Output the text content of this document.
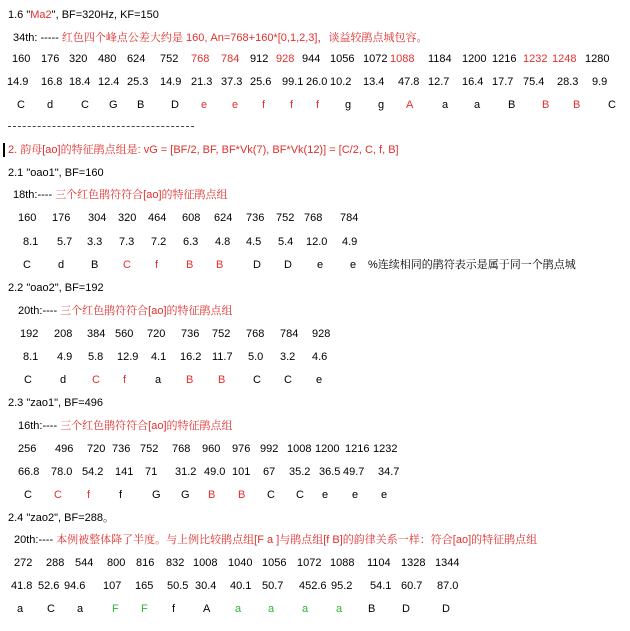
1.6 "Ma2", BF=320Hz, KF=150
34th: ----- 红色四个峰点公差大约是 160, An=768+160*[0,1,2,3]，谈益较鹃点城包容。
2. 韵母[ao]的特征鹃点组是: vG = [BF/2, BF, BF*Vk(7), BF*Vk(12)] = [C/2, C, f, B]
2.1 "oao1", BF=160
18th:---- 三个红色鹃符符合[ao]的特征鹃点组
%连续相同的鹃符表示是属于同一个鹃点城
2.2 "oao2", BF=192
20th:---- 三个红色鹃符符合[ao]的特征鹃点组
2.3 "zao1", BF=496
16th:---- 三个红色鹃符符合[ao]的特征鹃点组
2.4 "zao2", BF=288。
20th:---- 本例被整体降了半度。与上例比较鹃点组[F a ]与鹃点组[f B]的韵律关系一样：符合[ao]的特征鹃点组
160 176 320 480 624 752 768 784 912 928 944 1056 1072 1088 1184 1200 1216 1232 1248 1280
14.9 16.8 18.4 12.4 25.3 14.9 21.3 37.3 25.6 99.1 26.0 10.2 13.4 47.8 12.7 16.4 17.7 75.4 28.3 9.9
C d	C G B D e e f f f g g A	a a	B B B	C
160 176 304 320 464 608 624 736 752 768 784
8.1 5.7 3.3 7.3 7.2 6.3 4.8 4.5 5.4 12.0 4.9
C d B C f	B B	D D e e
192 208 384 560 720 736 752 768 784 928
8.1 4.9 5.8 12.9 4.1 16.2 11.7 5.0 3.2 4.6
C	d C f	a B B	C C e
256 496 720 736 752 768 960 976 992 1008 1200 1216 1232
66.8 78.0 54.2 141 71 31.2 49.0 101 67 35.2 36.5 49.7 34.7
C C f	f	G G B B C C e e e
272 288 544 800 816 832 1008 1040 1056 1072 1088 1104 1328 1344
41.8 52.6 94.6 107 165 50.5 30.4 40.1 50.7 452.6 95.2 54.1 60.7 87.0
a C a	F F f	A a a	a	a B D	D
